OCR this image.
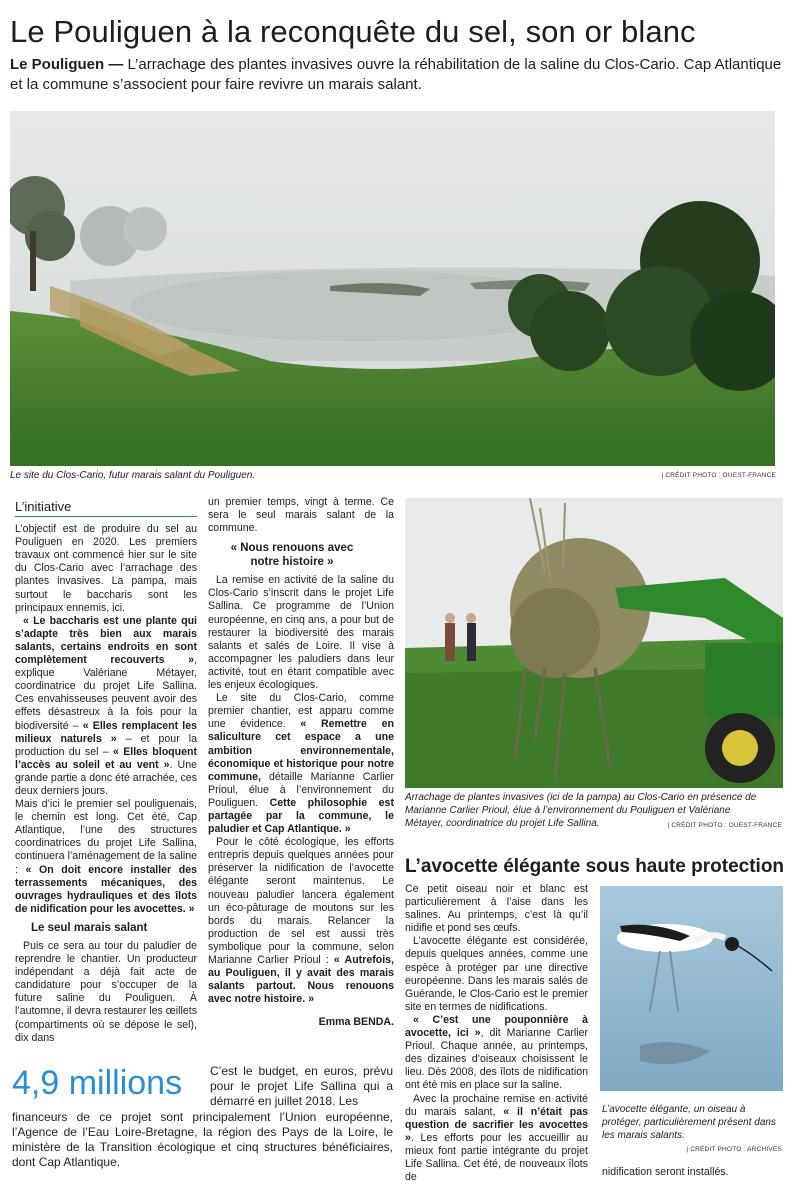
Le Pouliguen à la reconquête du sel, son or blanc

Le Pouliguen — L’arrachage des plantes invasives ouvre la réhabilitation de la saline du Clos-Cario. Cap Atlantique et la commune s’associent pour faire revivre un marais salant.

Le site du Clos-Cario, futur marais salant du Pouliguen.	| CRÉDIT PHOTO : OUEST-FRANCE

L’initiative

L’objectif est de produire du sel au Pouliguen en 2020. Les premiers travaux ont commencé hier sur le site du Clos-Cario avec l’arrachage des plantes invasives. La pampa, mais surtout le baccharis sont les principaux ennemis, ici.

« Le baccharis est une plante qui s’adapte très bien aux marais salants, certains endroits en sont complètement recouverts », explique Valériane Métayer, coordinatrice du projet Life Sallina. Ces envahisseuses peuvent avoir des effets désastreux à la fois pour la biodiversité – « Elles remplacent les milieux naturels » – et pour la production du sel – « Elles bloquent l’accès au soleil et au vent ». Une grande partie a donc été arrachée, ces deux derniers jours.

Mais d’ici le premier sel pouliguenais, le chemin est long. Cet été, Cap Atlantique, l’une des structures coordinatrices du projet Life Sallina, continuera l’aménagement de la saline : « On doit encore installer des terrassements mécaniques, des ouvrages hydrauliques et des îlots de nidification pour les avocettes. »

Le seul marais salant

Puis ce sera au tour du paludier de reprendre le chantier. Un producteur indépendant a déjà fait acte de candidature pour s’occuper de la future saline du Pouliguen. À l’automne, il devra restaurer les œillets (compartiments où se dépose le sel), dix dans

un premier temps, vingt à terme. Ce sera le seul marais salant de la commune.

« Nous renouons avec notre histoire »

La remise en activité de la saline du Clos-Cario s’inscrit dans le projet Life Sallina. Ce programme de l’Union européenne, en cinq ans, a pour but de restaurer la biodiversité des marais salants et salés de Loire. Il vise à accompagner les paludiers dans leur activité, tout en étant compatible avec les enjeux écologiques.

Le site du Clos-Cario, comme premier chantier, est apparu comme une évidence. « Remettre en saliculture cet espace a une ambition environnementale, économique et historique pour notre commune, détaille Marianne Carlier Prioul, élue à l’environnement du Pouliguen. Cette philosophie est partagée par la commune, le paludier et Cap Atlantique. »

Pour le côté écologique, les efforts entrepris depuis quelques années pour préserver la nidification de l’avocette élégante seront maintenus. Le nouveau paludier lancera également un éco-pâturage de moutons sur les bords du marais. Relancer la production de sel est aussi très symbolique pour la commune, selon Marianne Carlier Prioul : « Autrefois, au Pouliguen, il y avait des marais salants partout. Nous renouons avec notre histoire. »

Emma BENDA.

Arrachage de plantes invasives (ici de la pampa) au Clos-Cario en présence de Marianne Carlier Prioul, élue à l’environnement du Pouliguen et Valériane Métayer, coordinatrice du projet Life Sallina.	| CRÉDIT PHOTO : OUEST-FRANCE

L’avocette élégante sous haute protection

Ce petit oiseau noir et blanc est particulièrement à l’aise dans les salines. Au printemps, c’est là qu’il nidifie et pond ses œufs.

L’avocette élégante est considérée, depuis quelques années, comme une espèce à protéger par une directive européenne. Dans les marais salés de Guérande, le Clos-Cario est le premier site en termes de nidifications.

« C’est une pouponnière à avocette, ici », dit Marianne Carlier Prioul. Chaque année, au printemps, des dizaines d’oiseaux choisissent le lieu. Dès 2008, des îlots de nidification ont été mis en place sur la saline.

Avec la prochaine remise en activité du marais salant, « il n’était pas question de sacrifier les avocettes ». Les efforts pour les accueillir au mieux font partie intégrante du projet Life Sallina. Cet été, de nouveaux îlots de

L’avocette élégante, un oiseau à protéger, particulièrement présent dans les marais salants.

| CRÉDIT PHOTO : ARCHIVES

nidification seront installés.

4,9 millions C’est le budget, en euros, prévu pour le projet Life Sallina qui a démarré en juillet 2018. Les

financeurs de ce projet sont principalement l’Union européenne, l’Agence de l’Eau Loire-Bretagne, la région des Pays de la Loire, le ministère de la Transition écologique et cinq structures bénéficiaires, dont Cap Atlantique.
